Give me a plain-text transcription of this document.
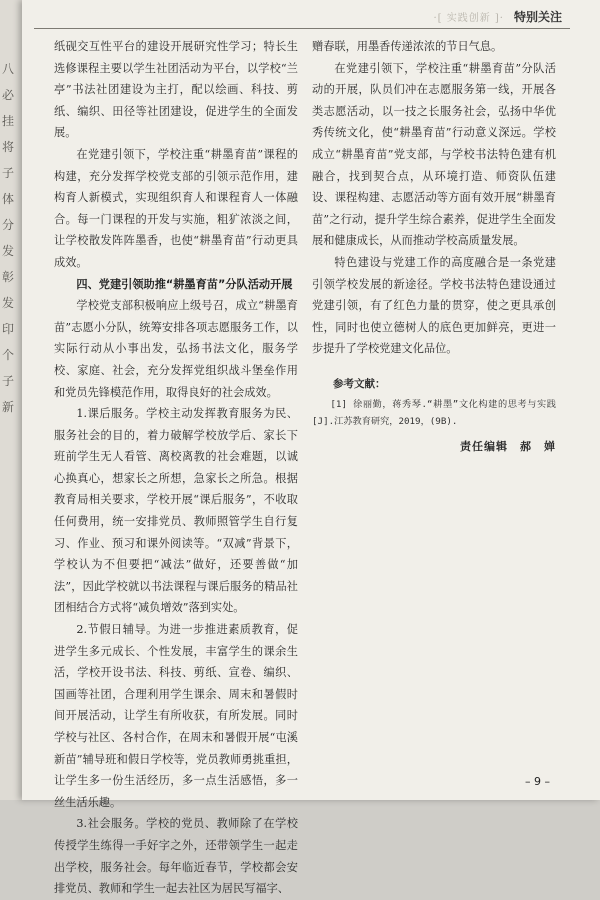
八必挂将子体分发彰发印个子新
·[ 实践创新 ]· 特别关注

纸砚交互性平台的建设开展研究性学习；特长生选修课程主要以学生社团活动为平台，以学校“兰亭”书法社团建设为主打，配以绘画、科技、剪纸、编织、田径等社团建设，促进学生的全面发展。

在党建引领下，学校注重“耕墨育苗”课程的构建，充分发挥学校党支部的引领示范作用，建构育人新模式，实现组织育人和课程育人一体融合。每一门课程的开发与实施，粗犷浓淡之间，让学校散发阵阵墨香，也使“耕墨育苗”行动更具成效。

四、党建引领助推“耕墨育苗”分队活动开展

学校党支部积极响应上级号召，成立“耕墨育苗”志愿小分队，统筹安排各项志愿服务工作，以实际行动从小事出发，弘扬书法文化，服务学校、家庭、社会，充分发挥党组织战斗堡垒作用和党员先锋模范作用，取得良好的社会成效。

1.课后服务。学校主动发挥教育服务为民、服务社会的目的，着力破解学校放学后、家长下班前学生无人看管、离校离教的社会难题，以诚心换真心，想家长之所想，急家长之所急。根据教育局相关要求，学校开展“课后服务”，不收取任何费用，统一安排党员、教师照管学生自行复习、作业、预习和课外阅读等。“双减”背景下，学校认为不但要把“减法”做好，还要善做“加法”，因此学校就以书法课程与课后服务的精品社团相结合方式将“减负增效”落到实处。

2.节假日辅导。为进一步推进素质教育，促进学生多元成长、个性发展，丰富学生的课余生活，学校开设书法、科技、剪纸、宣卷、编织、国画等社团，合理利用学生课余、周末和暑假时间开展活动，让学生有所收获，有所发展。同时学校与社区、各村合作，在周末和暑假开展“屯溪新苗”辅导班和假日学校等，党员教师勇挑重担，让学生多一份生活经历，多一点生活感悟，多一丝生活乐趣。

3.社会服务。学校的党员、教师除了在学校传授学生练得一手好字之外，还带领学生一起走出学校，服务社会。每年临近春节，学校都会安排党员、教师和学生一起去社区为居民写福字、

赠春联，用墨香传递浓浓的节日气息。

在党建引领下，学校注重“耕墨育苗”分队活动的开展，队员们冲在志愿服务第一线，开展各类志愿活动，以一技之长服务社会，弘扬中华优秀传统文化，使“耕墨育苗”行动意义深远。学校成立“耕墨育苗”党支部，与学校书法特色建有机融合，找到契合点，从环境打造、师资队伍建设、课程构建、志愿活动等方面有效开展“耕墨育苗”之行动，提升学生综合素养，促进学生全面发展和健康成长，从而推动学校高质量发展。

特色建设与党建工作的高度融合是一条党建引领学校发展的新途径。学校书法特色建设通过党建引领，有了红色力量的贯穿，使之更具承创性，同时也使立德树人的底色更加鲜亮，更进一步提升了学校党建文化品位。

参考文献：
[1] 徐丽勤，蒋秀琴.“耕墨”文化构建的思考与实践[J].江苏教育研究，2019，(9B).
责任编辑　郝　婵
– 9 –
